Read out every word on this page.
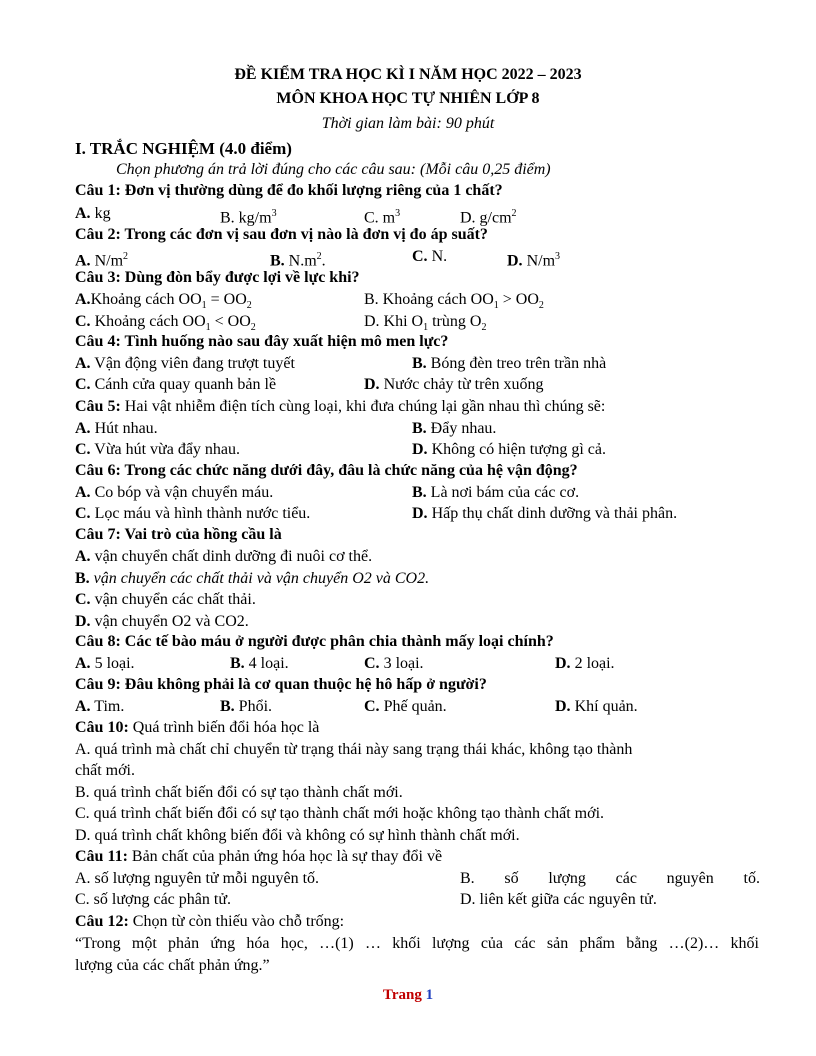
ĐỀ KIỂM TRA HỌC KÌ I NĂM HỌC 2022 – 2023
MÔN KHOA HỌC TỰ NHIÊN LỚP 8
Thời gian làm bài: 90 phút
I. TRẮC NGHIỆM (4.0 điểm)
Chọn phương án trả lời đúng cho các câu sau: (Mỗi câu 0,25 điểm)
Câu 1: Đơn vị thường dùng để đo khối lượng riêng của 1 chất?
A. kg	B. $kg/m^3$	C. $m^3$	D. $g/cm^2$
Câu 2: Trong các đơn vị sau đơn vị nào là đơn vị đo áp suất?
A. $N/m^2$	B. $N.m^2$.	C. N.	D. $N/m^3$
Câu 3: Dùng đòn bẩy được lợi về lực khi?
A.Khoảng cách $OO_1 = OO_2$	B. Khoảng cách $OO_1 > OO_2$
C. Khoảng cách $OO_1 < OO_2$	D. Khi $O_1$ trùng $O_2$
Câu 4: Tình huống nào sau đây xuất hiện mô men lực?
A. Vận động viên đang trượt tuyết	B. Bóng đèn treo trên trần nhà
C. Cánh cửa quay quanh bản lề	D. Nước chảy từ trên xuống
Câu 5: Hai vật nhiễm điện tích cùng loại, khi đưa chúng lại gần nhau thì chúng sẽ:
A. Hút nhau.	B. Đẩy nhau.
C. Vừa hút vừa đẩy nhau.	D. Không có hiện tượng gì cả.
Câu 6: Trong các chức năng dưới đây, đâu là chức năng của hệ vận động?
A. Co bóp và vận chuyển máu.	B. Là nơi bám của các cơ.
C. Lọc máu và hình thành nước tiểu.	D. Hấp thụ chất dinh dưỡng và thải phân.
Câu 7: Vai trò của hồng cầu là
A. vận chuyển chất dinh dưỡng đi nuôi cơ thể.
B. vận chuyển các chất thải và vận chuyển O2 và CO2.
C. vận chuyển các chất thải.
D. vận chuyển O2 và CO2.
Câu 8: Các tế bào máu ở người được phân chia thành mấy loại chính?
A. 5 loại.	B. 4 loại.	C. 3 loại.	D. 2 loại.
Câu 9: Đâu không phải là cơ quan thuộc hệ hô hấp ở người?
A. Tim.	B. Phổi.	C. Phế quản.	D. Khí quản.
Câu 10: Quá trình biến đổi hóa học là
A. quá trình mà chất chỉ chuyển từ trạng thái này sang trạng thái khác, không tạo thành
chất mới.
B. quá trình chất biến đổi có sự tạo thành chất mới.
C. quá trình chất biến đổi có sự tạo thành chất mới hoặc không tạo thành chất mới.
D. quá trình chất không biến đổi và không có sự hình thành chất mới.
Câu 11: Bản chất của phản ứng hóa học là sự thay đổi về
A. số lượng nguyên tử mỗi nguyên tố.	B. số lượng các nguyên tố.
C. số lượng các phân tử.	D. liên kết giữa các nguyên tử.
Câu 12: Chọn từ còn thiếu vào chỗ trống:
“Trong một phản ứng hóa học, …(1) … khối lượng của các sản phẩm bằng …(2)… khối
lượng của các chất phản ứng.”
Trang 1
